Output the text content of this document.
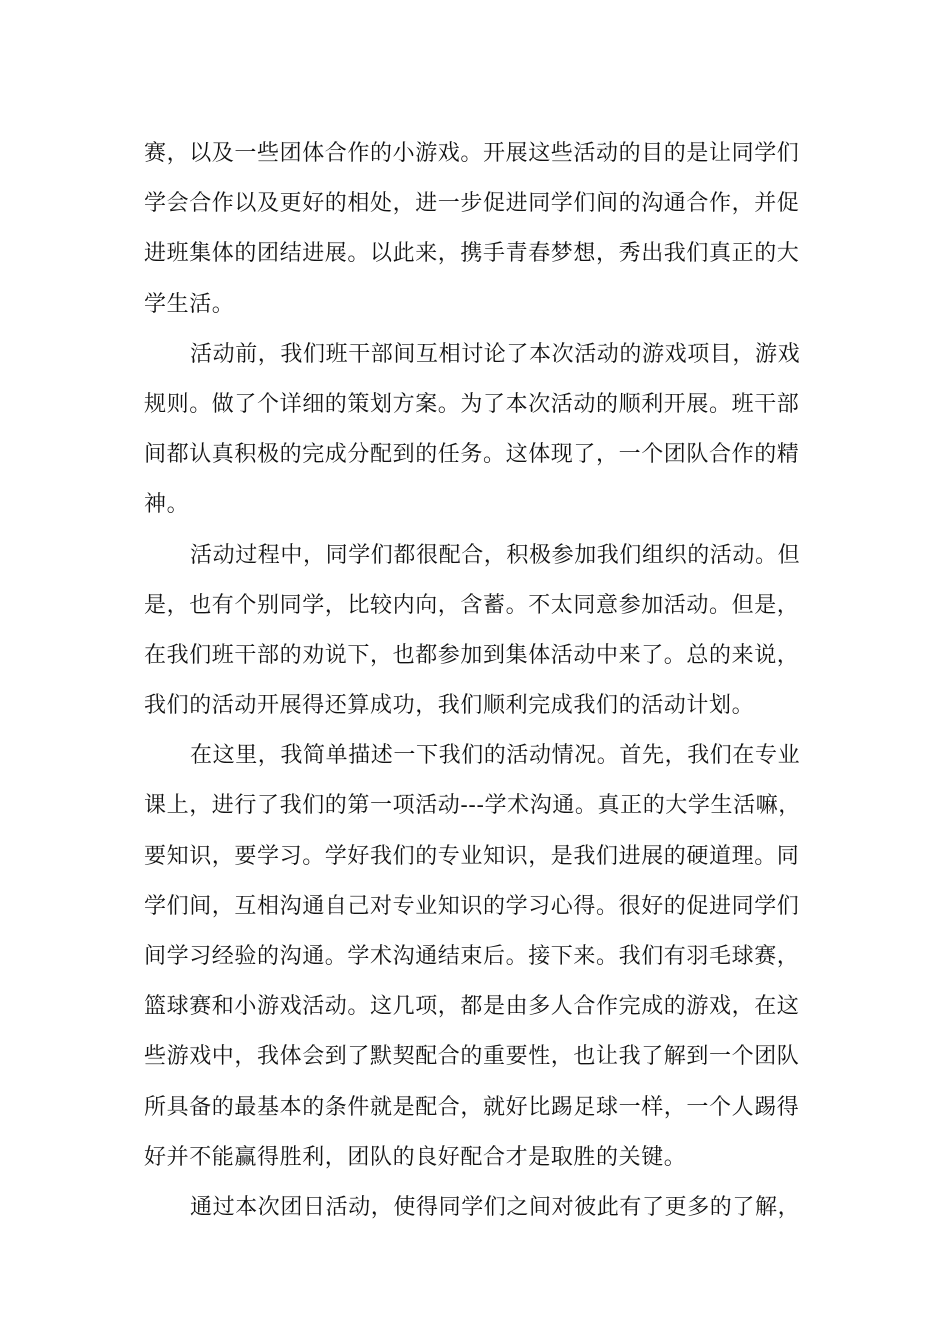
赛，以及一些团体合作的小游戏。开展这些活动的目的是让同学们
学会合作以及更好的相处，进一步促进同学们间的沟通合作，并促
进班集体的团结进展。以此来，携手青春梦想，秀出我们真正的大
学生活。
活动前，我们班干部间互相讨论了本次活动的游戏项目，游戏
规则。做了个详细的策划方案。为了本次活动的顺利开展。班干部
间都认真积极的完成分配到的任务。这体现了，一个团队合作的精
神。
活动过程中，同学们都很配合，积极参加我们组织的活动。但
是，也有个别同学，比较内向，含蓄。不太同意参加活动。但是，
在我们班干部的劝说下，也都参加到集体活动中来了。总的来说，
我们的活动开展得还算成功，我们顺利完成我们的活动计划。
在这里，我简单描述一下我们的活动情况。首先，我们在专业
课上，进行了我们的第一项活动---学术沟通。真正的大学生活嘛，
要知识，要学习。学好我们的专业知识，是我们进展的硬道理。同
学们间，互相沟通自己对专业知识的学习心得。很好的促进同学们
间学习经验的沟通。学术沟通结束后。接下来。我们有羽毛球赛，
篮球赛和小游戏活动。这几项，都是由多人合作完成的游戏，在这
些游戏中，我体会到了默契配合的重要性，也让我了解到一个团队
所具备的最基本的条件就是配合，就好比踢足球一样，一个人踢得
好并不能赢得胜利，团队的良好配合才是取胜的关键。
通过本次团日活动，使得同学们之间对彼此有了更多的了解，
